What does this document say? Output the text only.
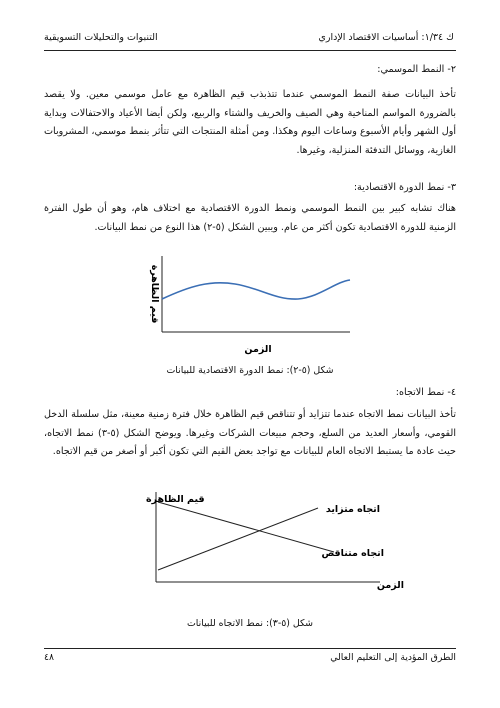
ك ١/٣٤: أساسيات الاقتصاد الإداري
التنبوات والتحليلات التسويقية
٢- النمط الموسمي:
تأخذ البيانات صفة النمط الموسمي عندما تتذبذب قيم الظاهرة مع عامل موسمي معين. ولا يقصد بالضرورة المواسم المناخية وهي الصيف والخريف والشتاء والربيع، ولكن أيضا الأعياد والاحتفالات وبداية أول الشهر وأيام الأسبوع وساعات اليوم وهكذا. ومن أمثلة المنتجات التي تتأثر بنمط موسمي، المشروبات الغازية، ووسائل التدفئة المنزلية، وغيرها.
٣- نمط الدورة الاقتصادية:
هناك تشابه كبير بين النمط الموسمي ونمط الدورة الاقتصادية مع اختلاف هام، وهو أن طول الفترة الزمنية للدورة الاقتصادية تكون أكثر من عام. ويبين الشكل (٥-٢) هذا النوع من نمط البيانات.
قيم الظاهرة
الزمن
شكل (٥-٢): نمط الدورة الاقتصادية للبيانات
٤- نمط الاتجاه:
تأخذ البيانات نمط الاتجاه عندما تتزايد أو تتناقص قيم الظاهرة خلال فترة زمنية معينة، مثل سلسلة الدخل القومي، وأسعار العديد من السلع، وحجم مبيعات الشركات وغيرها. ويوضح الشكل (٥-٣) نمط الاتجاه، حيث عادة ما يستبط الاتجاه العام للبيانات مع تواجد بعض القيم التي تكون أكبر أو أصغر من قيم الاتجاه.
قيم الظاهرة
اتجاه متزايد
اتجاه متناقص
الزمن
شكل (٥-٣): نمط الاتجاه للبيانات
الطرق المؤدية إلى التعليم العالي
٤٨
